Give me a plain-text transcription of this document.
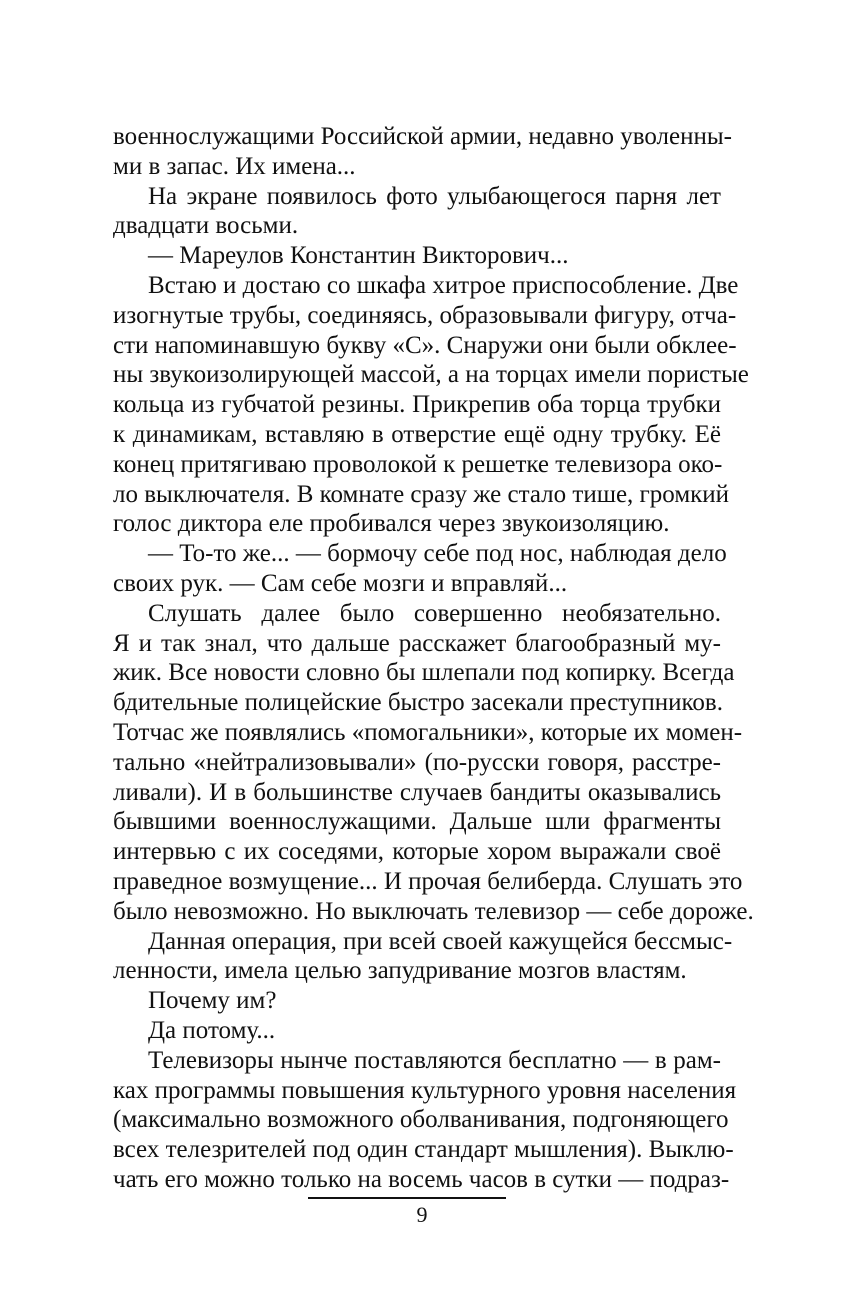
военнослужащими Российской армии, недавно уволенны-
ми в запас. Их имена...
На экране появилось фото улыбающегося парня лет
двадцати восьми.
— Мареулов Константин Викторович...
Встаю и достаю со шкафа хитрое приспособление. Две
изогнутые трубы, соединяясь, образовывали фигуру, отча-
сти напоминавшую букву «С». Снаружи они были обклее-
ны звукоизолирующей массой, а на торцах имели пористые
кольца из губчатой резины. Прикрепив оба торца трубки
к динамикам, вставляю в отверстие ещё одну трубку. Её
конец притягиваю проволокой к решетке телевизора око-
ло выключателя. В комнате сразу же стало тише, громкий
голос диктора еле пробивался через звукоизоляцию.
— То-то же... — бормочу себе под нос, наблюдая дело
своих рук. — Сам себе мозги и вправляй...
Слушать далее было совершенно необязательно.
Я и так знал, что дальше расскажет благообразный му-
жик. Все новости словно бы шлепали под копирку. Всегда
бдительные полицейские быстро засекали преступников.
Тотчас же появлялись «помогальники», которые их момен-
тально «нейтрализовывали» (по-русски говоря, расстре-
ливали). И в большинстве случаев бандиты оказывались
бывшими военнослужащими. Дальше шли фрагменты
интервью с их соседями, которые хором выражали своё
праведное возмущение... И прочая белиберда. Слушать это
было невозможно. Но выключать телевизор — себе дороже.
Данная операция, при всей своей кажущейся бессмыс-
ленности, имела целью запудривание мозгов властям.
Почему им?
Да потому...
Телевизоры нынче поставляются бесплатно — в рам-
ках программы повышения культурного уровня населения
(максимально возможного оболванивания, подгоняющего
всех телезрителей под один стандарт мышления). Выклю-
чать его можно только на восемь часов в сутки — подраз-
9
